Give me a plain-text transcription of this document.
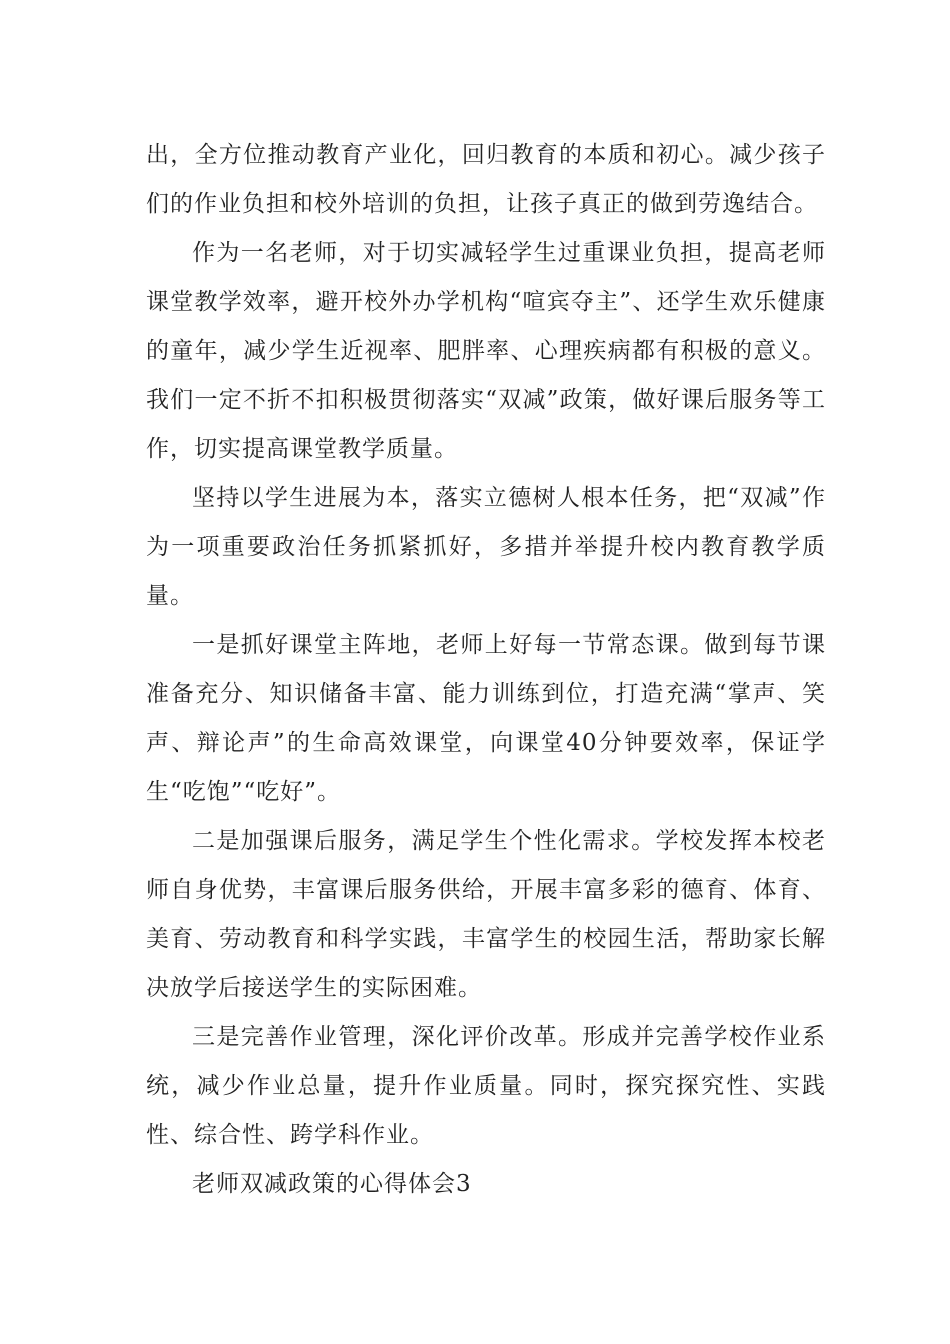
出，全方位推动教育产业化，回归教育的本质和初心。减少孩子们的作业负担和校外培训的负担，让孩子真正的做到劳逸结合。

作为一名老师，对于切实减轻学生过重课业负担，提高老师课堂教学效率，避开校外办学机构“喧宾夺主”、还学生欢乐健康的童年，减少学生近视率、肥胖率、心理疾病都有积极的意义。我们一定不折不扣积极贯彻落实“双减”政策，做好课后服务等工作，切实提高课堂教学质量。

坚持以学生进展为本，落实立德树人根本任务，把“双减”作为一项重要政治任务抓紧抓好，多措并举提升校内教育教学质量。

一是抓好课堂主阵地，老师上好每一节常态课。做到每节课准备充分、知识储备丰富、能力训练到位，打造充满“掌声、笑声、辩论声”的生命高效课堂，向课堂40分钟要效率，保证学生“吃饱”“吃好”。

二是加强课后服务，满足学生个性化需求。学校发挥本校老师自身优势，丰富课后服务供给，开展丰富多彩的德育、体育、美育、劳动教育和科学实践，丰富学生的校园生活，帮助家长解决放学后接送学生的实际困难。

三是完善作业管理，深化评价改革。形成并完善学校作业系统，减少作业总量，提升作业质量。同时，探究探究性、实践性、综合性、跨学科作业。

老师双减政策的心得体会3
